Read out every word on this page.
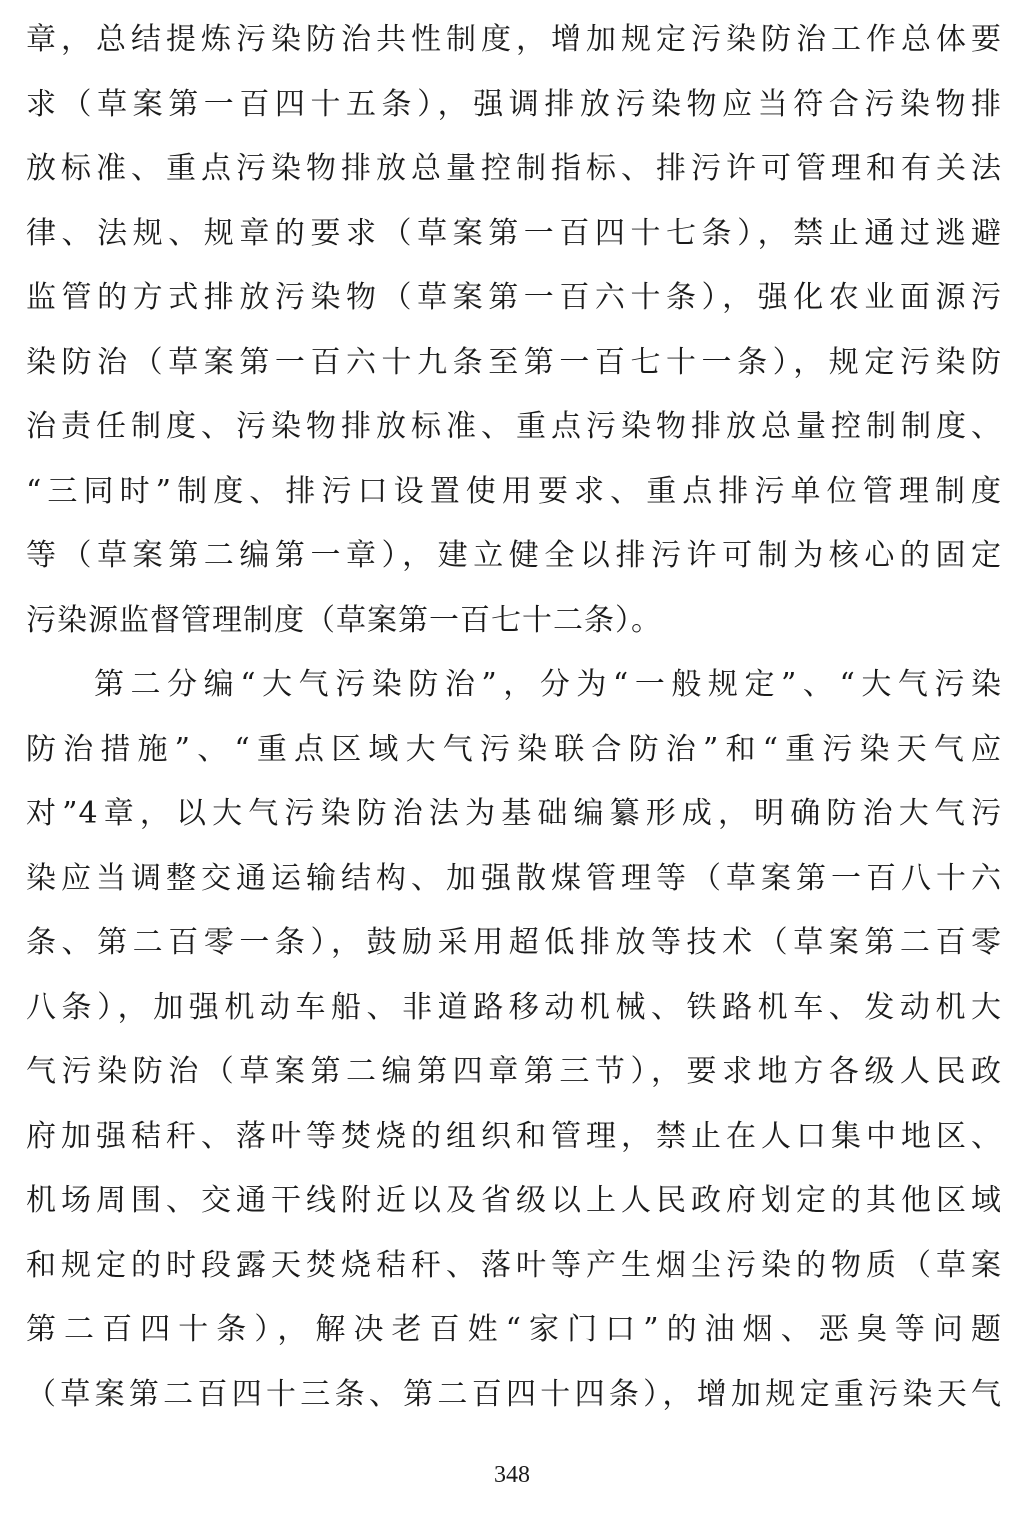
章，总结提炼污染防治共性制度，增加规定污染防治工作总体要
求（草案第一百四十五条），强调排放污染物应当符合污染物排
放标准、重点污染物排放总量控制指标、排污许可管理和有关法
律、法规、规章的要求（草案第一百四十七条），禁止通过逃避
监管的方式排放污染物（草案第一百六十条），强化农业面源污
染防治（草案第一百六十九条至第一百七十一条），规定污染防
治责任制度、污染物排放标准、重点污染物排放总量控制制度、
“三同时”制度、排污口设置使用要求、重点排污单位管理制度
等（草案第二编第一章），建立健全以排污许可制为核心的固定
污染源监督管理制度（草案第一百七十二条）。
第二分编“大气污染防治”，分为“一般规定”、“大气污染
防治措施”、“重点区域大气污染联合防治”和“重污染天气应
对”4章，以大气污染防治法为基础编纂形成，明确防治大气污
染应当调整交通运输结构、加强散煤管理等（草案第一百八十六
条、第二百零一条），鼓励采用超低排放等技术（草案第二百零
八条），加强机动车船、非道路移动机械、铁路机车、发动机大
气污染防治（草案第二编第四章第三节），要求地方各级人民政
府加强秸秆、落叶等焚烧的组织和管理，禁止在人口集中地区、
机场周围、交通干线附近以及省级以上人民政府划定的其他区域
和规定的时段露天焚烧秸秆、落叶等产生烟尘污染的物质（草案
第二百四十条），解决老百姓“家门口”的油烟、恶臭等问题
（草案第二百四十三条、第二百四十四条），增加规定重污染天气
348
